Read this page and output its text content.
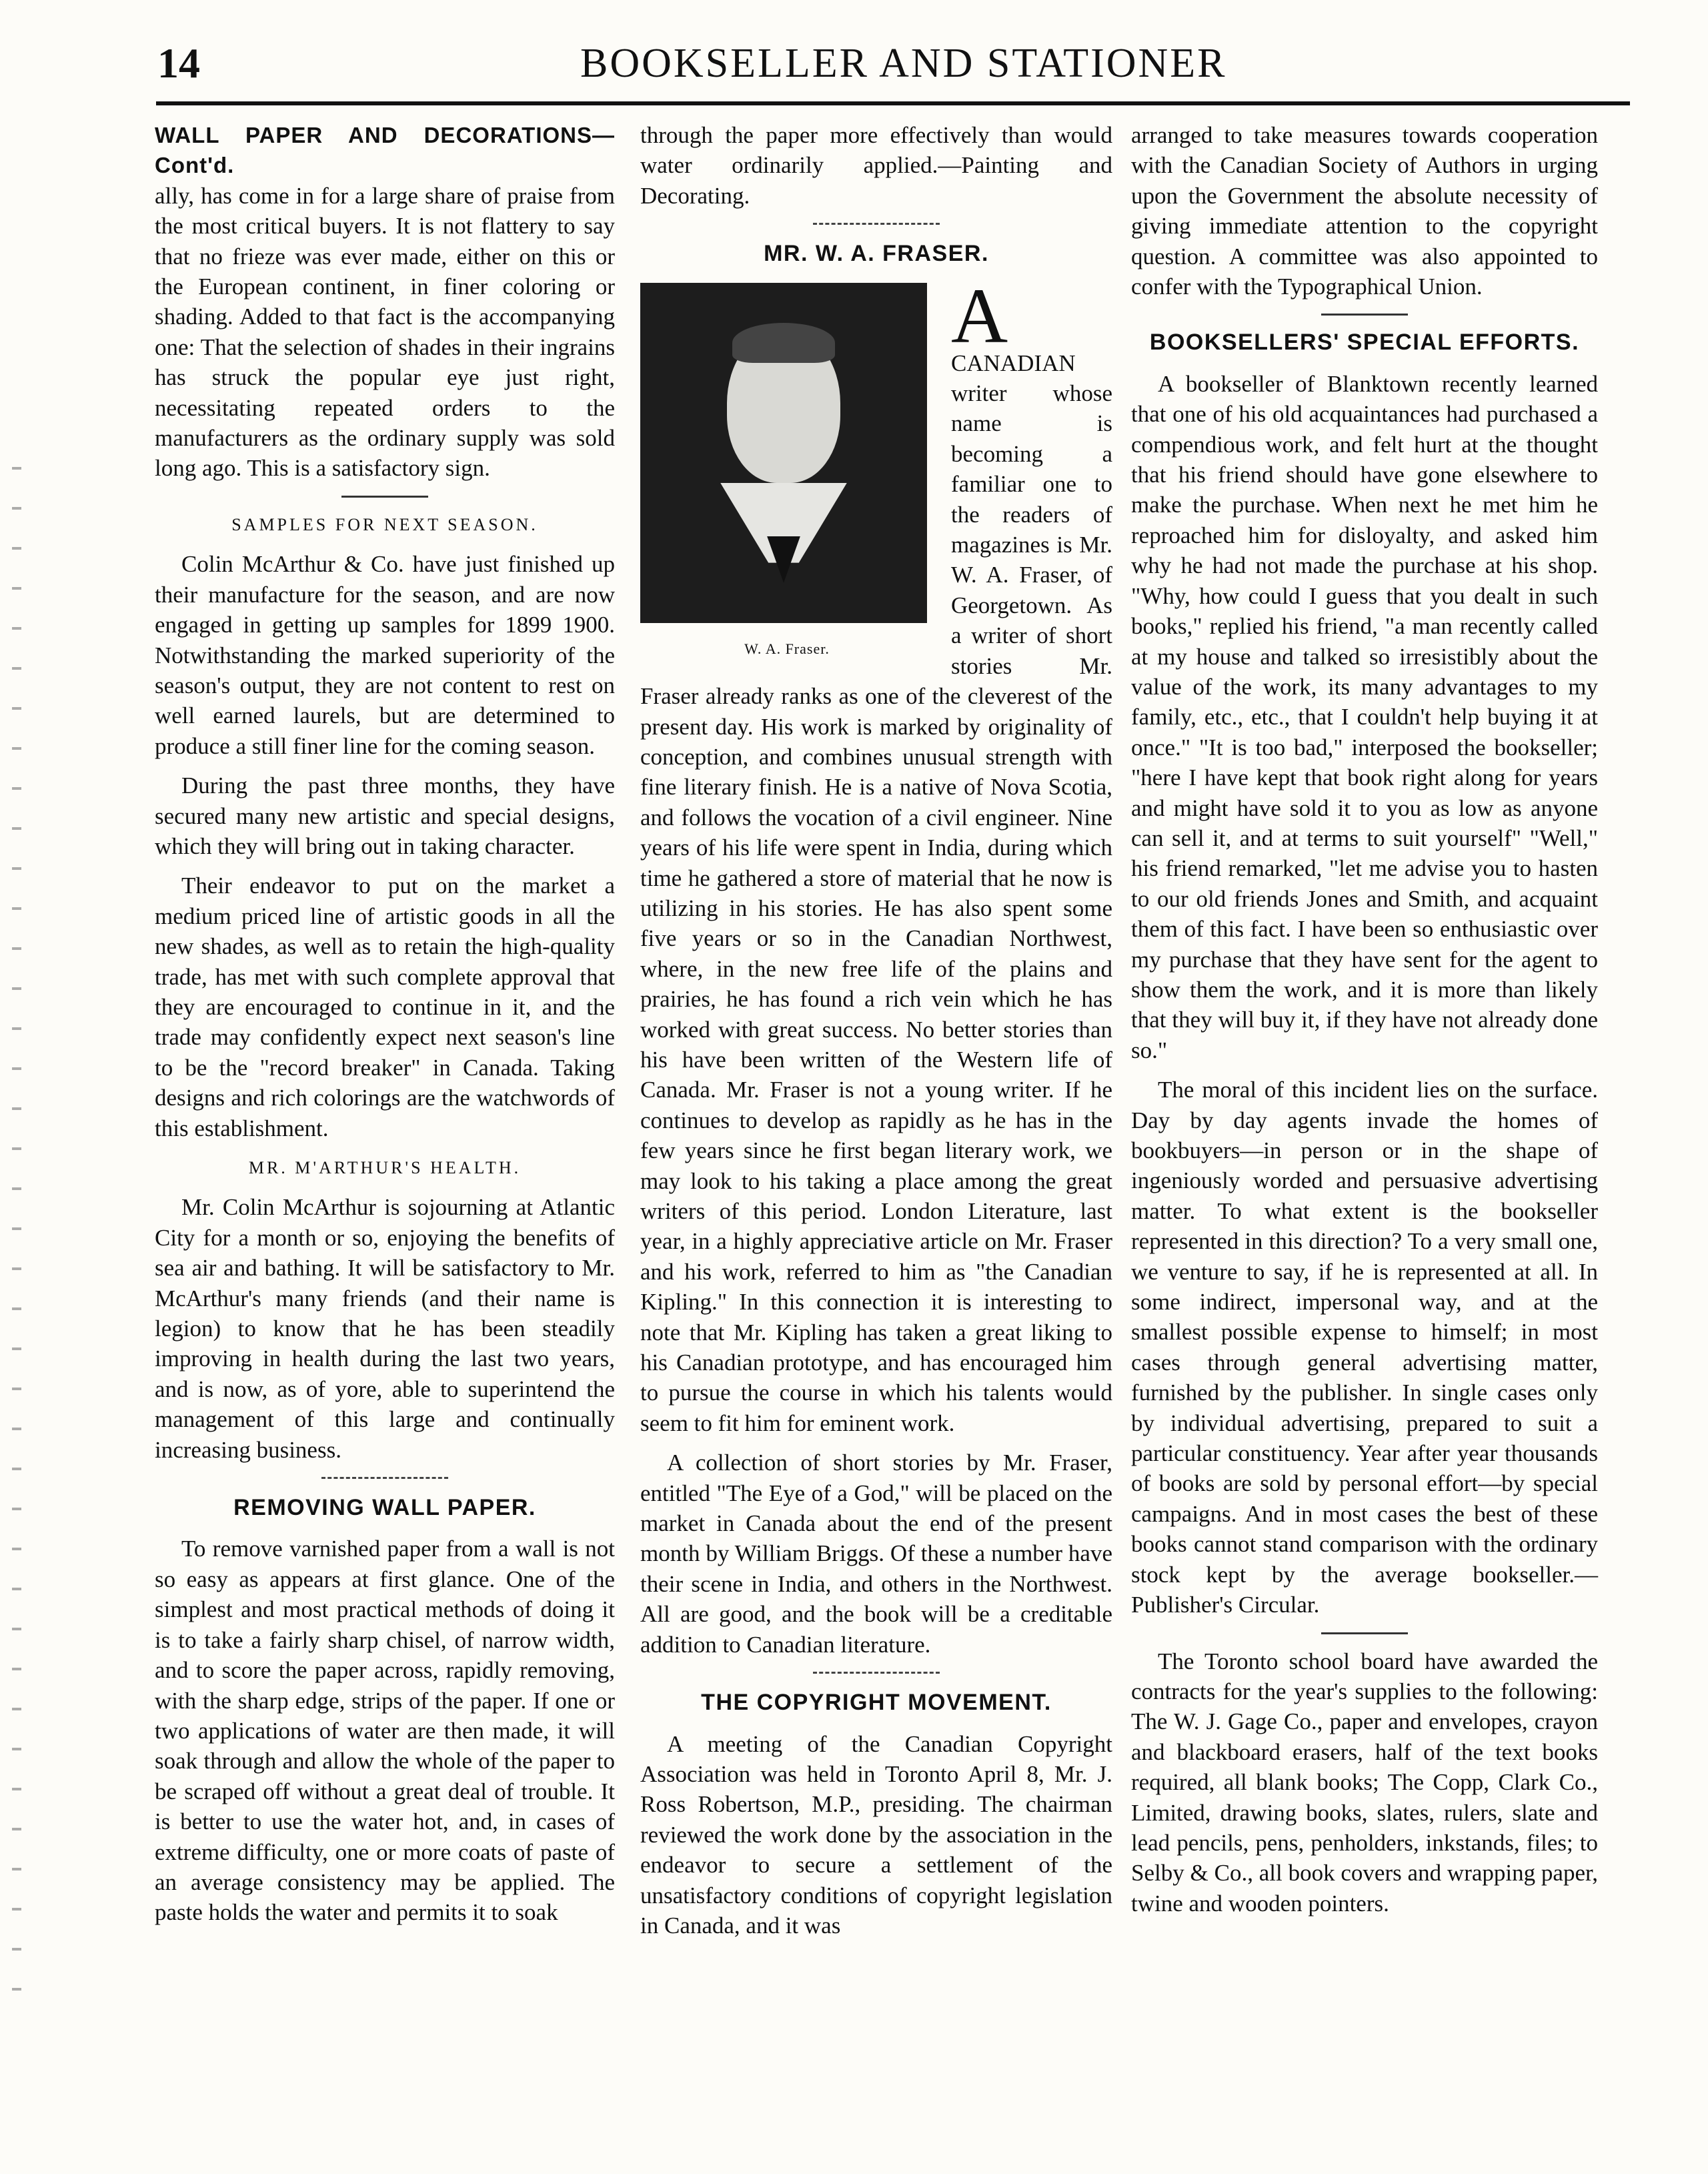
14	BOOKSELLER AND STATIONER
WALL PAPER AND DECORATIONS—Cont'd.

ally, has come in for a large share of praise from the most critical buyers. It is not flattery to say that no frieze was ever made, either on this or the European continent, in finer coloring or shading. Added to that fact is the accompanying one: That the selection of shades in their ingrains has struck the popular eye just right, necessitating repeated orders to the manufacturers as the ordinary supply was sold long ago. This is a satisfactory sign.

SAMPLES FOR NEXT SEASON.

Colin McArthur & Co. have just finished up their manufacture for the season, and are now engaged in getting up samples for 1899 1900. Notwithstanding the marked superiority of the season's output, they are not content to rest on well earned laurels, but are determined to produce a still finer line for the coming season.

During the past three months, they have secured many new artistic and special designs, which they will bring out in taking character.

Their endeavor to put on the market a medium priced line of artistic goods in all the new shades, as well as to retain the high-quality trade, has met with such complete approval that they are encouraged to continue in it, and the trade may confidently expect next season's line to be the "record breaker" in Canada. Taking designs and rich colorings are the watchwords of this establishment.

MR. M'ARTHUR'S HEALTH.

Mr. Colin McArthur is sojourning at Atlantic City for a month or so, enjoying the benefits of sea air and bathing. It will be satisfactory to Mr. McArthur's many friends (and their name is legion) to know that he has been steadily improving in health during the last two years, and is now, as of yore, able to superintend the management of this large and continually increasing business.

REMOVING WALL PAPER.

To remove varnished paper from a wall is not so easy as appears at first glance. One of the simplest and most practical methods of doing it is to take a fairly sharp chisel, of narrow width, and to score the paper across, rapidly removing, with the sharp edge, strips of the paper. If one or two applications of water are then made, it will soak through and allow the whole of the paper to be scraped off without a great deal of trouble. It is better to use the water hot, and, in cases of extreme difficulty, one or more coats of paste of an average consistency may be applied. The paste holds the water and permits it to soak

through the paper more effectively than would water ordinarily applied.—Painting and Decorating.

MR. W. A. FRASER.
W. A. Fraser.

A
CANADIAN writer whose name is becoming a familiar one to the readers of magazines is Mr. W. A. Fraser, of Georgetown. As a writer of short stories Mr. Fraser already ranks as one of the cleverest of the present day. His work is marked by originality of conception, and combines unusual strength with fine literary finish. He is a native of Nova Scotia, and follows the vocation of a civil engineer. Nine years of his life were spent in India, during which time he gathered a store of material that he now is utilizing in his stories. He has also spent some five years or so in the Canadian Northwest, where, in the new free life of the plains and prairies, he has found a rich vein which he has worked with great success. No better stories than his have been written of the Western life of Canada. Mr. Fraser is not a young writer. If he continues to develop as rapidly as he has in the few years since he first began literary work, we may look to his taking a place among the great writers of this period. London Literature, last year, in a highly appreciative article on Mr. Fraser and his work, referred to him as "the Canadian Kipling." In this connection it is interesting to note that Mr. Kipling has taken a great liking to his Canadian prototype, and has encouraged him to pursue the course in which his talents would seem to fit him for eminent work.

A collection of short stories by Mr. Fraser, entitled "The Eye of a God," will be placed on the market in Canada about the end of the present month by William Briggs. Of these a number have their scene in India, and others in the Northwest. All are good, and the book will be a creditable addition to Canadian literature.

THE COPYRIGHT MOVEMENT.

A meeting of the Canadian Copyright Association was held in Toronto April 8, Mr. J. Ross Robertson, M.P., presiding. The chairman reviewed the work done by the association in the endeavor to secure a settlement of the unsatisfactory conditions of copyright legislation in Canada, and it was

arranged to take measures towards cooperation with the Canadian Society of Authors in urging upon the Government the absolute necessity of giving immediate attention to the copyright question. A committee was also appointed to confer with the Typographical Union.

BOOKSELLERS' SPECIAL EFFORTS.

A bookseller of Blanktown recently learned that one of his old acquaintances had purchased a compendious work, and felt hurt at the thought that his friend should have gone elsewhere to make the purchase. When next he met him he reproached him for disloyalty, and asked him why he had not made the purchase at his shop. "Why, how could I guess that you dealt in such books," replied his friend, "a man recently called at my house and talked so irresistibly about the value of the work, its many advantages to my family, etc., etc., that I couldn't help buying it at once." "It is too bad," interposed the bookseller; "here I have kept that book right along for years and might have sold it to you as low as anyone can sell it, and at terms to suit yourself" "Well," his friend remarked, "let me advise you to hasten to our old friends Jones and Smith, and acquaint them of this fact. I have been so enthusiastic over my purchase that they have sent for the agent to show them the work, and it is more than likely that they will buy it, if they have not already done so."

The moral of this incident lies on the surface. Day by day agents invade the homes of bookbuyers—in person or in the shape of ingeniously worded and persuasive advertising matter. To what extent is the bookseller represented in this direction? To a very small one, we venture to say, if he is represented at all. In some indirect, impersonal way, and at the smallest possible expense to himself; in most cases through general advertising matter, furnished by the publisher. In single cases only by individual advertising, prepared to suit a particular constituency. Year after year thousands of books are sold by personal effort—by special campaigns. And in most cases the best of these books cannot stand comparison with the ordinary stock kept by the average bookseller.—Publisher's Circular.

The Toronto school board have awarded the contracts for the year's supplies to the following: The W. J. Gage Co., paper and envelopes, crayon and blackboard erasers, half of the text books required, all blank books; The Copp, Clark Co., Limited, drawing books, slates, rulers, slate and lead pencils, pens, penholders, inkstands, files; to Selby & Co., all book covers and wrapping paper, twine and wooden pointers.
